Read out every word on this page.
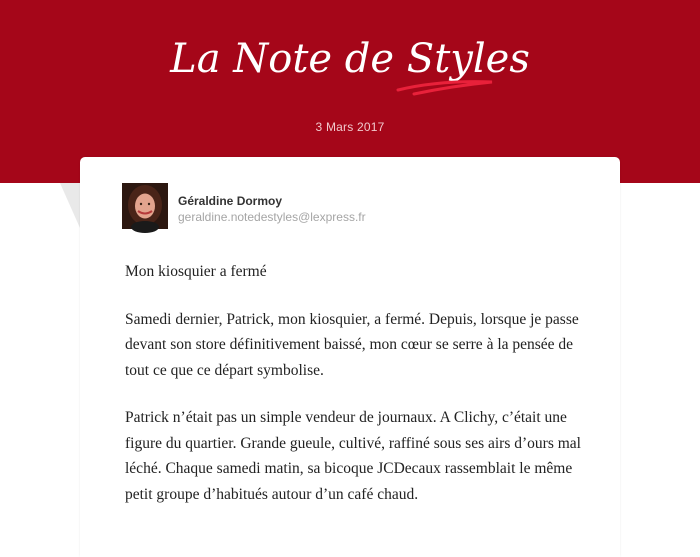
La Note de Styles
3 Mars 2017
Géraldine Dormoy
geraldine.notedestyles@lexpress.fr

Mon kiosquier a fermé

Samedi dernier, Patrick, mon kiosquier, a fermé. Depuis, lorsque je passe devant son store définitivement baissé, mon cœur se serre à la pensée de tout ce que ce départ symbolise.

Patrick n’était pas un simple vendeur de journaux. A Clichy, c’était une figure du quartier. Grande gueule, cultivé, raffiné sous ses airs d’ours mal léché. Chaque samedi matin, sa bicoque JCDecaux rassemblait le même petit groupe d’habitués autour d’un café chaud.
